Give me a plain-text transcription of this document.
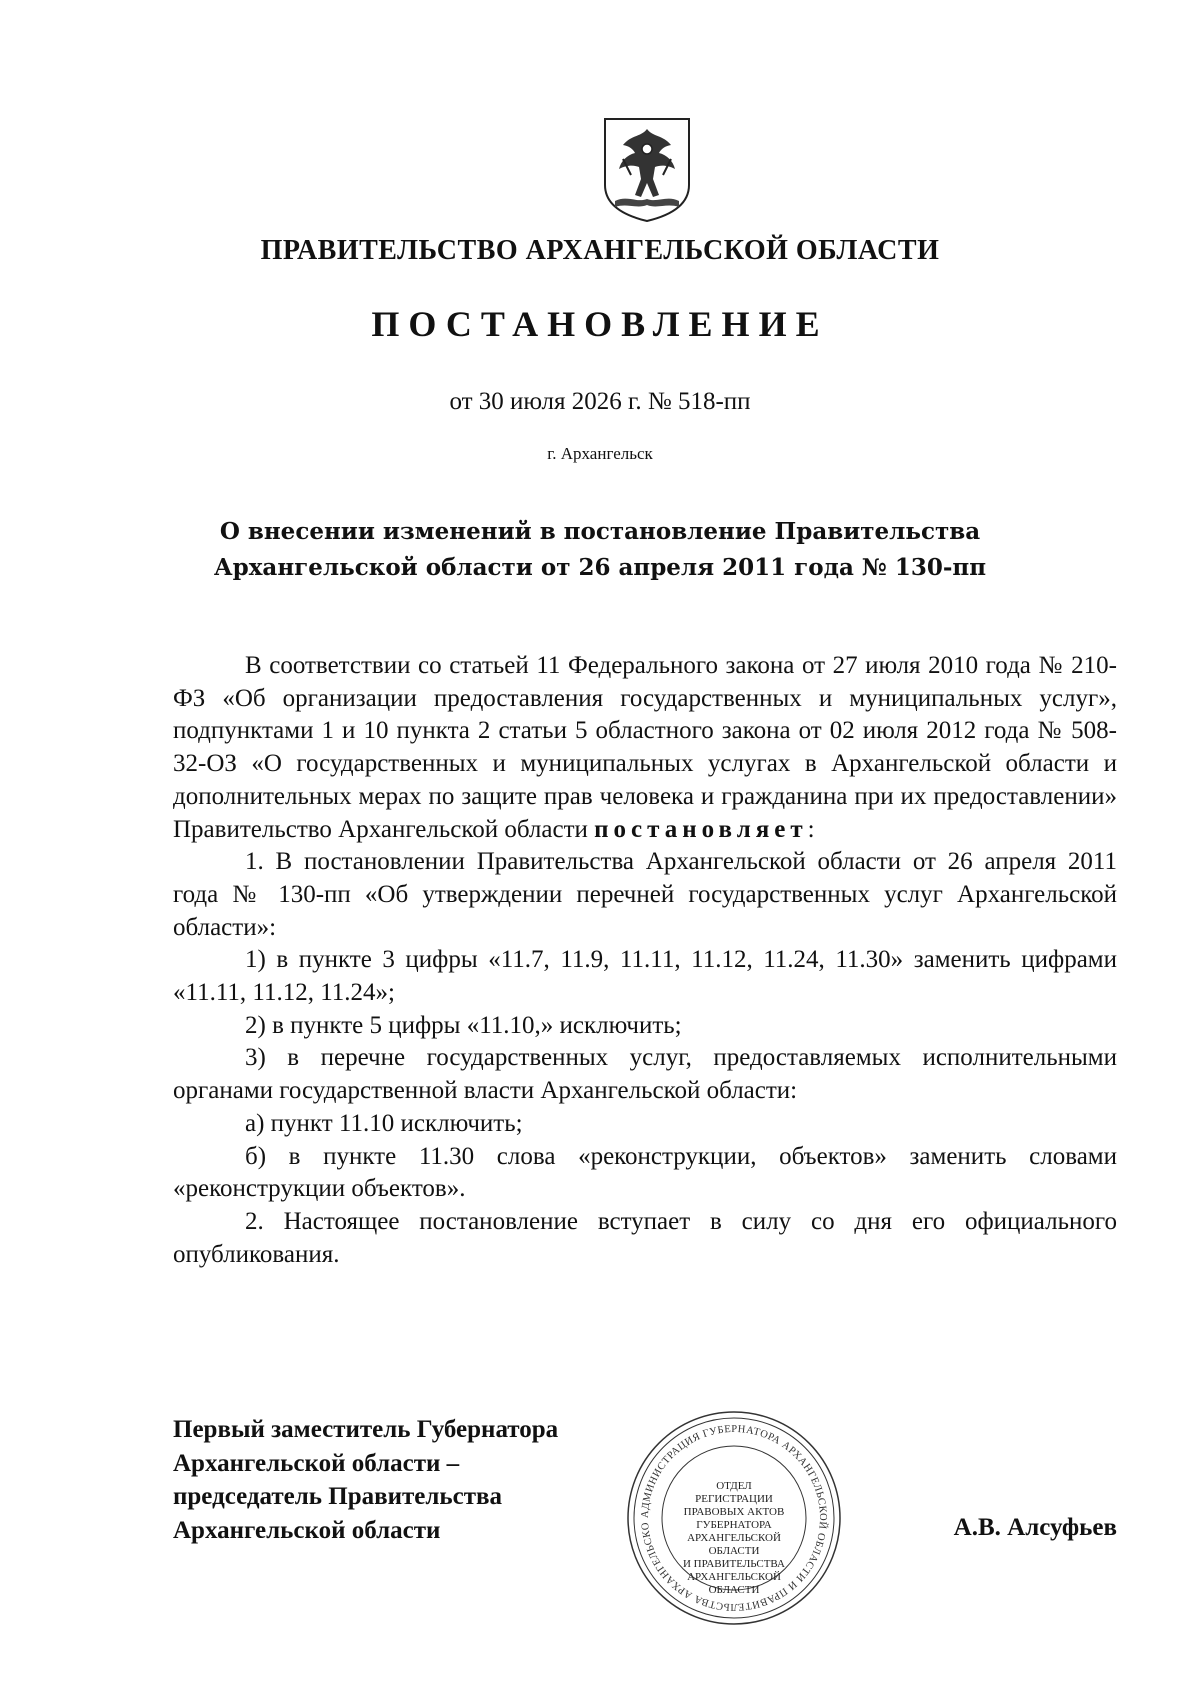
ПРАВИТЕЛЬСТВО АРХАНГЕЛЬСКОЙ ОБЛАСТИ
ПОСТАНОВЛЕНИЕ
от 30 июля 2026 г. № 518-пп
г. Архангельск
О внесении изменений в постановление Правительства
Архангельской области от 26 апреля 2011 года № 130-пп

В соответствии со статьей 11 Федерального закона от 27 июля 2010 года № 210-ФЗ «Об организации предоставления государственных и муниципальных услуг», подпунктами 1 и 10 пункта 2 статьи 5 областного закона от 02 июля 2012 года № 508-32-ОЗ «О государственных и муниципальных услугах в Архангельской области и дополнительных мерах по защите прав человека и гражданина при их предоставлении» Правительство Архангельской области постановляет:

1. В постановлении Правительства Архангельской области от 26 апреля 2011 года № 130-пп «Об утверждении перечней государственных услуг Архангельской области»:

1) в пункте 3 цифры «11.7, 11.9, 11.11, 11.12, 11.24, 11.30» заменить цифрами «11.11, 11.12, 11.24»;

2) в пункте 5 цифры «11.10,» исключить;

3) в перечне государственных услуг, предоставляемых исполнительными органами государственной власти Архангельской области:

а) пункт 11.10 исключить;

б) в пункте 11.30 слова «реконструкции, объектов» заменить словами «реконструкции объектов».

2. Настоящее постановление вступает в силу со дня его официального опубликования.

Первый заместитель Губернатора
Архангельской области –
председатель Правительства
Архангельской области
АДМИНИСТРАЦИЯ ГУБЕРНАТОРА АРХАНГЕЛЬСКОЙ ОБЛАСТИ И ПРАВИТЕЛЬСТВА АРХАНГЕЛЬСКО
ОТДЕЛ
РЕГИСТРАЦИИ
ПРАВОВЫХ АКТОВ
ГУБЕРНАТОРА
АРХАНГЕЛЬСКОЙ
ОБЛАСТИ
И ПРАВИТЕЛЬСТВА
АРХАНГЕЛЬСКОЙ
ОБЛАСТИ
А.В. Алсуфьев
